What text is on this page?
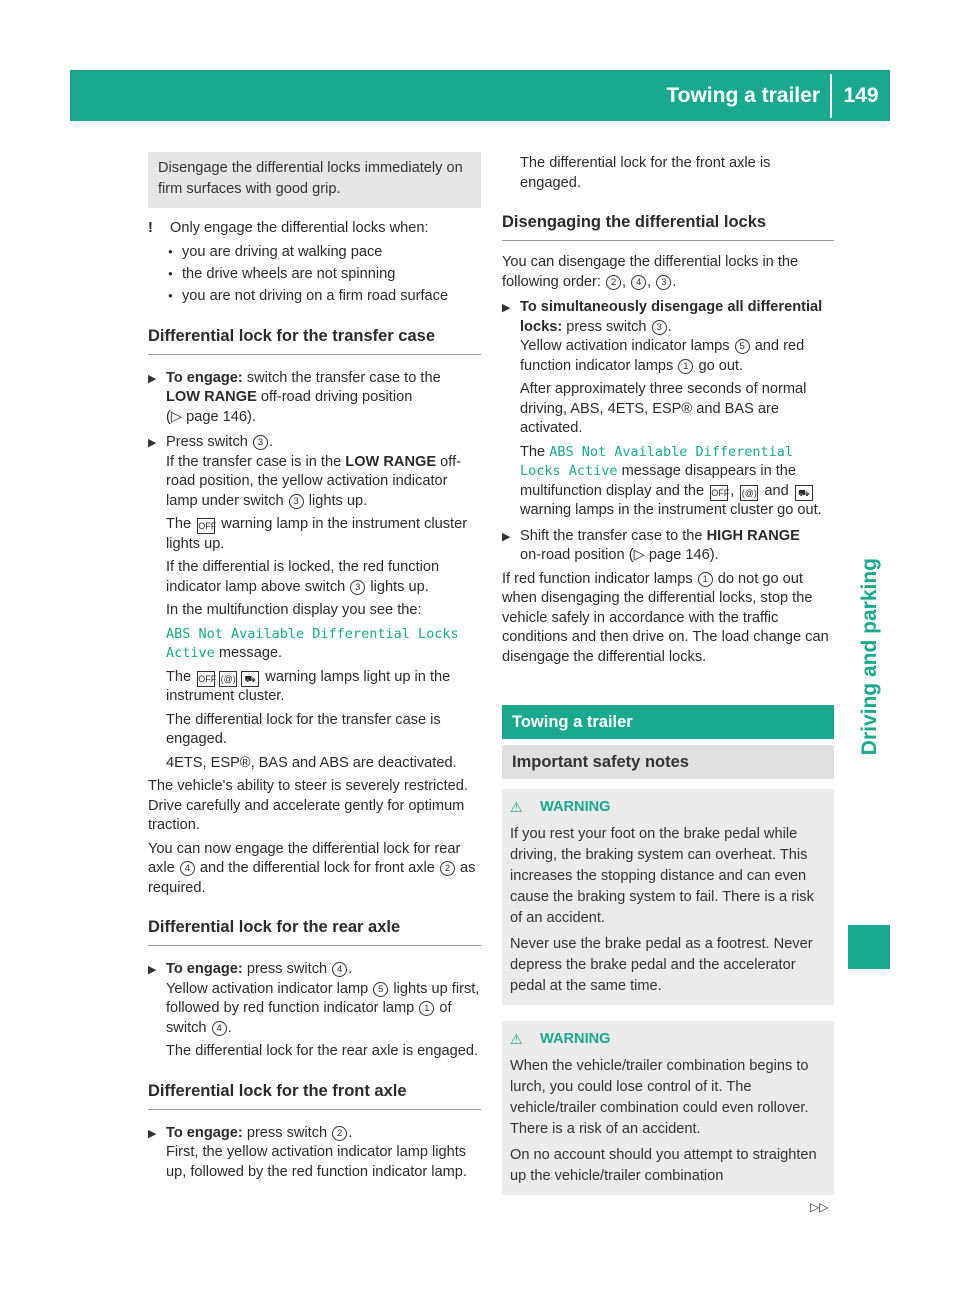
Towing a trailer	149
Driving and parking
Disengage the differential locks immediately on firm surfaces with good grip.
!	Only engage the differential locks when:
● you are driving at walking pace
● the drive wheels are not spinning
● you are not driving on a firm road surface
Differential lock for the transfer case
▶ To engage: switch the transfer case to the
LOW RANGE off-road driving position
(▷ page 146).

▶ Press switch 3 .
If the transfer case is in the LOW RANGE off-road position, the yellow activation indicator lamp under switch 3 lights up.

The OFF warning lamp in the instrument cluster lights up.

If the differential is locked, the red function indicator lamp above switch 3 lights up.

In the multifunction display you see the:

ABS Not Available Differential Locks Active message.

The OFF (@) ⛟ warning lamps light up in the instrument cluster.

The differential lock for the transfer case is engaged.

4ETS, ESP®, BAS and ABS are deactivated.

The vehicle's ability to steer is severely restricted. Drive carefully and accelerate gently for optimum traction.

You can now engage the differential lock for rear axle 4 and the differential lock for front axle 2 as required.

Differential lock for the rear axle
▶ To engage: press switch 4 .
Yellow activation indicator lamp 5 lights up first, followed by red function indicator lamp 1 of switch 4 .

The differential lock for the rear axle is engaged.

Differential lock for the front axle
▶ To engage: press switch 2 .
First, the yellow activation indicator lamp lights up, followed by the red function indicator lamp.

The differential lock for the front axle is engaged.

Disengaging the differential locks

You can disengage the differential locks in the following order: 2 , 4 , 3 .

▶ To simultaneously disengage all differential locks: press switch 3 .
Yellow activation indicator lamps 5 and red function indicator lamps 1 go out.

After approximately three seconds of normal driving, ABS, 4ETS, ESP® and BAS are activated.

The ABS Not Available Differential Locks Active message disappears in the multifunction display and the OFF, (@) and ⛟ warning lamps in the instrument cluster go out.

▶ Shift the transfer case to the HIGH RANGE
on-road position (▷ page 146).

If red function indicator lamps 1 do not go out when disengaging the differential locks, stop the vehicle safely in accordance with the traffic conditions and then drive on. The load change can disengage the differential locks.

Towing a trailer
Important safety notes
⚠	WARNING

If you rest your foot on the brake pedal while driving, the braking system can overheat. This increases the stopping distance and can even cause the braking system to fail. There is a risk of an accident.

Never use the brake pedal as a footrest. Never depress the brake pedal and the accelerator pedal at the same time.

⚠	WARNING

When the vehicle/trailer combination begins to lurch, you could lose control of it. The vehicle/trailer combination could even rollover. There is a risk of an accident.

On no account should you attempt to straighten up the vehicle/trailer combination

▷▷
